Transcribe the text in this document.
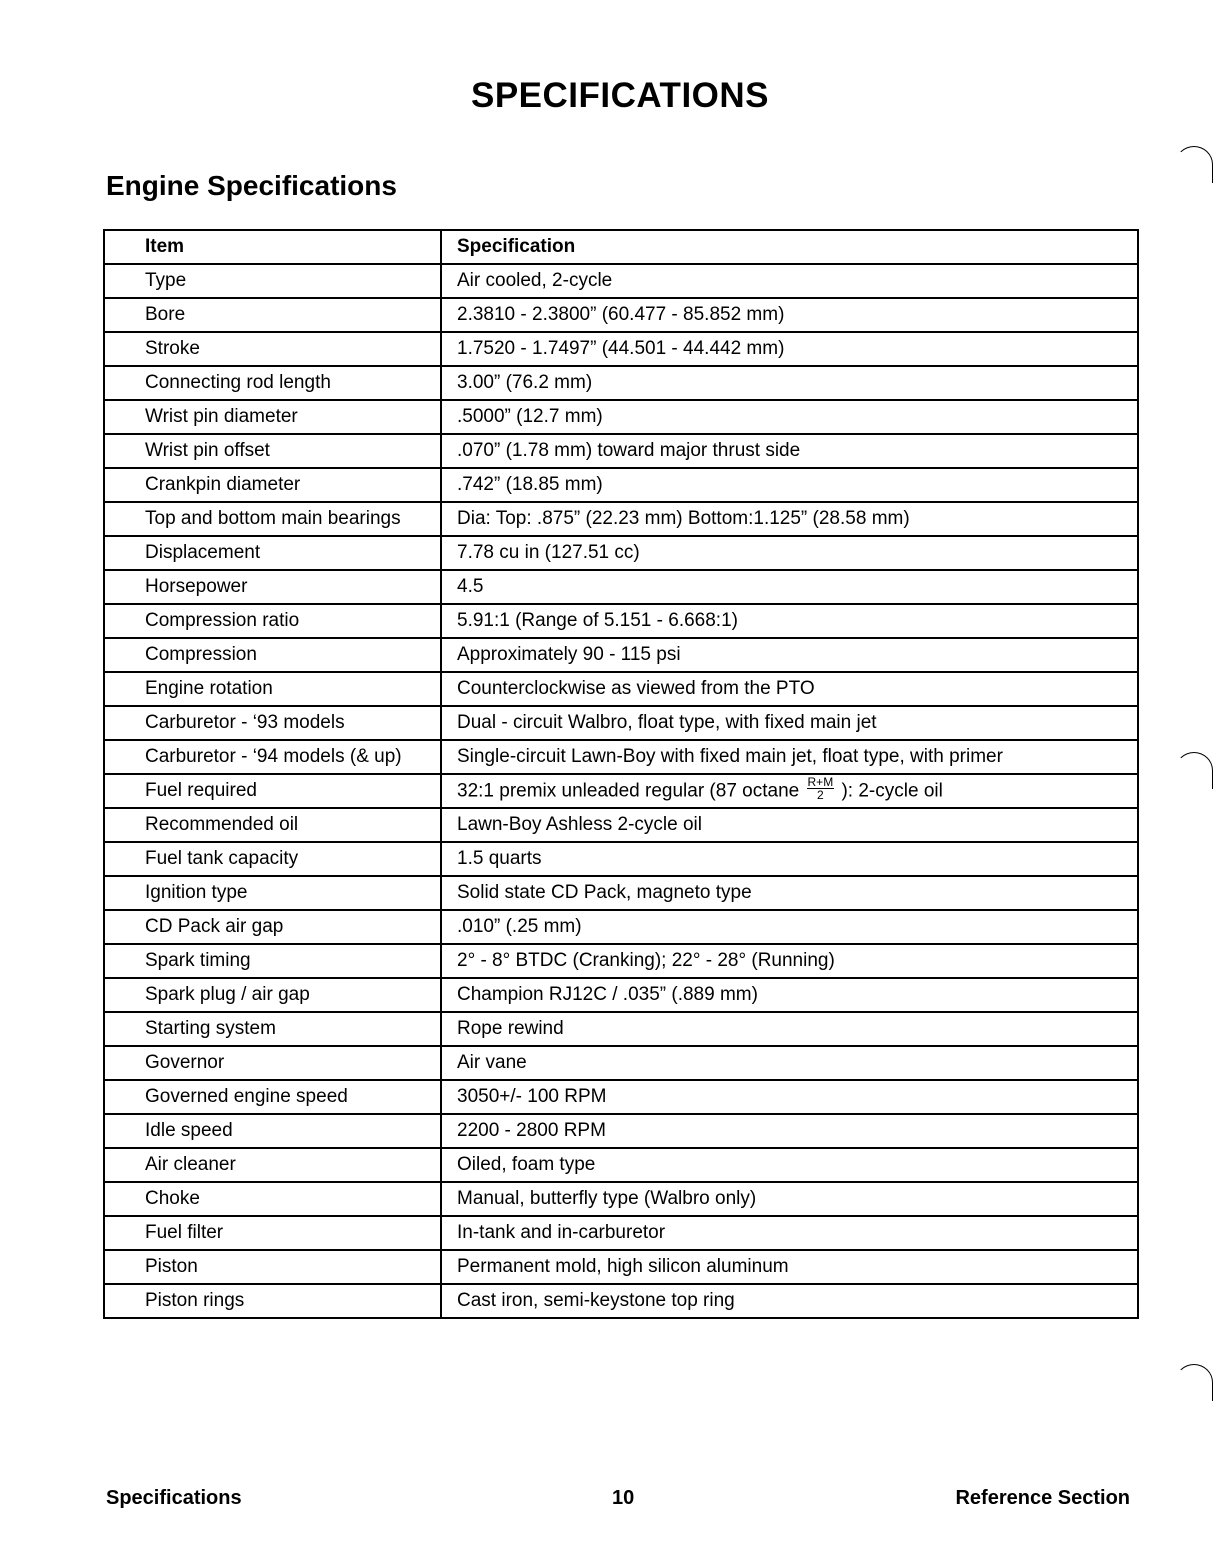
SPECIFICATIONS
Engine Specifications
Item	Specification
Type	Air cooled, 2-cycle
Bore	2.3810 - 2.3800” (60.477 - 85.852 mm)
Stroke	1.7520 - 1.7497” (44.501 - 44.442 mm)
Connecting rod length	3.00” (76.2 mm)
Wrist pin diameter	.5000” (12.7 mm)
Wrist pin offset	.070” (1.78 mm) toward major thrust side
Crankpin diameter	.742” (18.85 mm)
Top and bottom main bearings	Dia: Top: .875” (22.23 mm) Bottom:1.125” (28.58 mm)
Displacement	7.78 cu in (127.51 cc)
Horsepower	4.5
Compression ratio	5.91:1 (Range of 5.151 - 6.668:1)
Compression	Approximately 90 - 115 psi
Engine rotation	Counterclockwise as viewed from the PTO
Carburetor - ‘93 models	Dual - circuit Walbro, float type, with fixed main jet
Carburetor - ‘94 models (& up)	Single-circuit Lawn-Boy with fixed main jet, float type, with primer
Fuel required	32:1 premix unleaded regular (87 octane $\frac{R+M}{2}$ ): 2-cycle oil
Recommended oil	Lawn-Boy Ashless 2-cycle oil
Fuel tank capacity	1.5 quarts
Ignition type	Solid state CD Pack, magneto type
CD Pack air gap	.010” (.25 mm)
Spark timing	2° - 8° BTDC (Cranking); 22° - 28° (Running)
Spark plug / air gap	Champion RJ12C / .035” (.889 mm)
Starting system	Rope rewind
Governor	Air vane
Governed engine speed	3050+/- 100 RPM
Idle speed	2200 - 2800 RPM
Air cleaner	Oiled, foam type
Choke	Manual, butterfly type (Walbro only)
Fuel filter	In-tank and in-carburetor
Piston	Permanent mold, high silicon aluminum
Piston rings	Cast iron, semi-keystone top ring
Specifications	10	Reference Section
